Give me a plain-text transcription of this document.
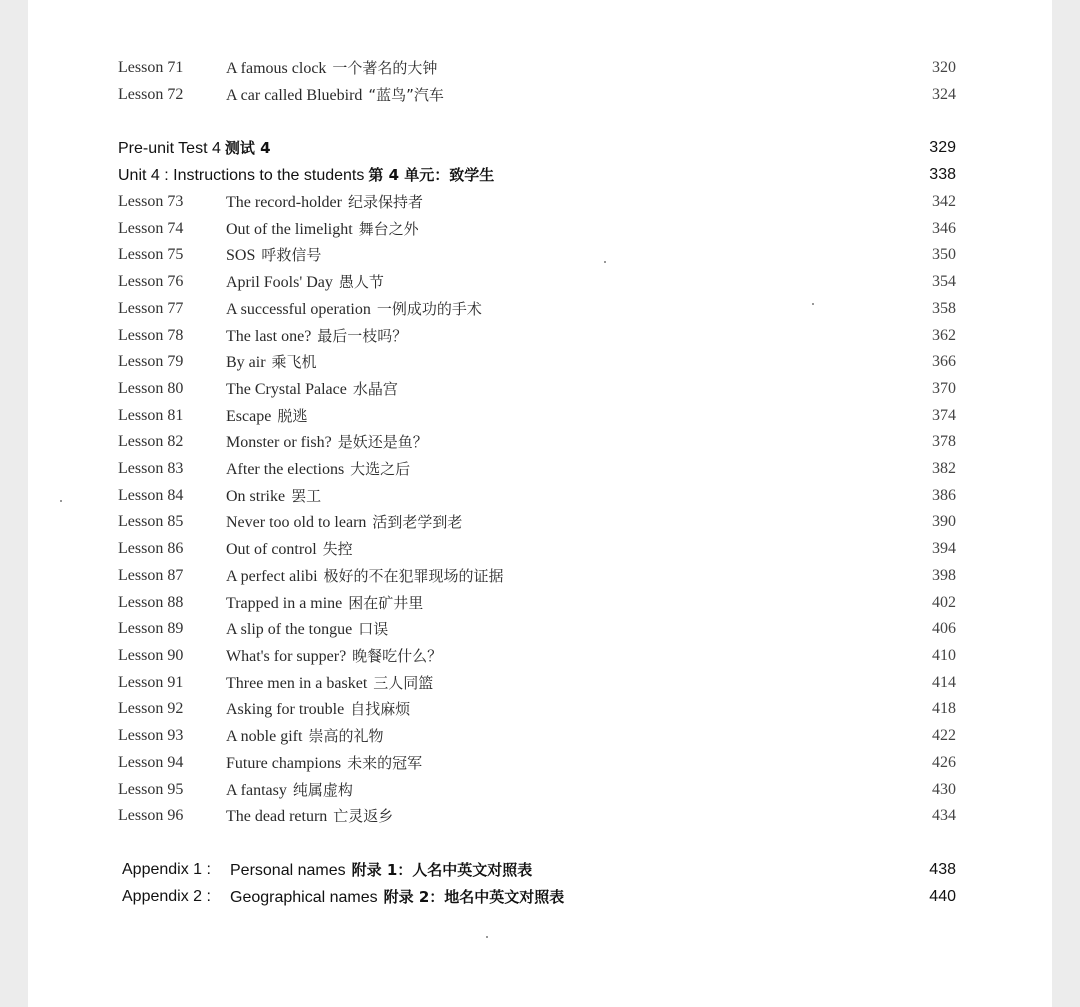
Lesson 71	A famous clock 一个著名的大钟	320
Lesson 72	A car called Bluebird “蓝鸟”汽车	324
Pre-unit Test 4 测试 4	329
Unit 4 : Instructions to the students 第 4 单元：致学生	338
Lesson 73	The record-holder 纪录保持者	342
Lesson 74	Out of the limelight 舞台之外	346
Lesson 75	SOS 呼救信号	350
Lesson 76	April Fools' Day 愚人节	354
Lesson 77	A successful operation 一例成功的手术	358
Lesson 78	The last one? 最后一枝吗？	362
Lesson 79	By air 乘飞机	366
Lesson 80	The Crystal Palace 水晶宫	370
Lesson 81	Escape 脱逃	374
Lesson 82	Monster or fish? 是妖还是鱼？	378
Lesson 83	After the elections 大选之后	382
Lesson 84	On strike 罢工	386
Lesson 85	Never too old to learn 活到老学到老	390
Lesson 86	Out of control 失控	394
Lesson 87	A perfect alibi 极好的不在犯罪现场的证据	398
Lesson 88	Trapped in a mine 困在矿井里	402
Lesson 89	A slip of the tongue 口误	406
Lesson 90	What's for supper? 晚餐吃什么？	410
Lesson 91	Three men in a basket 三人同篮	414
Lesson 92	Asking for trouble 自找麻烦	418
Lesson 93	A noble gift 崇高的礼物	422
Lesson 94	Future champions 未来的冠军	426
Lesson 95	A fantasy 纯属虚构	430
Lesson 96	The dead return 亡灵返乡	434
Appendix 1 : Personal names 附录 1：人名中英文对照表	438
Appendix 2 : Geographical names 附录 2：地名中英文对照表	440
